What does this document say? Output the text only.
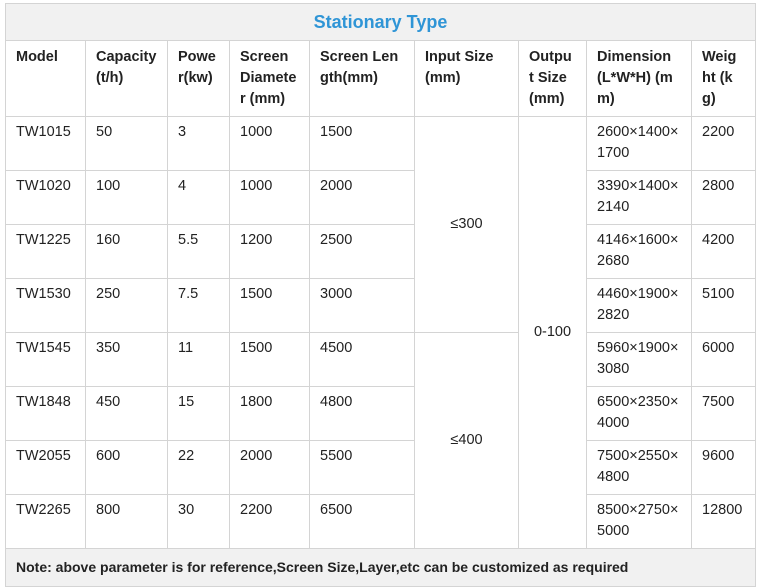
Stationary Type								
Model	Capacity (t/h)	Power(kw)	Screen Diameter (mm)	Screen Length(mm)	Input Size (mm)	Output Size (mm)	Dimension (L*W*H) (mm)	Weight (kg)
TW1015	50	3	1000	1500	≤300	0-100	2600×1400×1700	2200
TW1020	100	4	1000	2000			3390×1400×2140	2800
TW1225	160	5.5	1200	2500			4146×1600×2680	4200
TW1530	250	7.5	1500	3000			4460×1900×2820	5100
TW1545	350	11	1500	4500	≤400		5960×1900×3080	6000
TW1848	450	15	1800	4800			6500×2350×4000	7500
TW2055	600	22	2000	5500			7500×2550×4800	9600
TW2265	800	30	2200	6500			8500×2750×5000	12800
Note: above parameter is for reference,Screen Size,Layer,etc can be customized as required								
